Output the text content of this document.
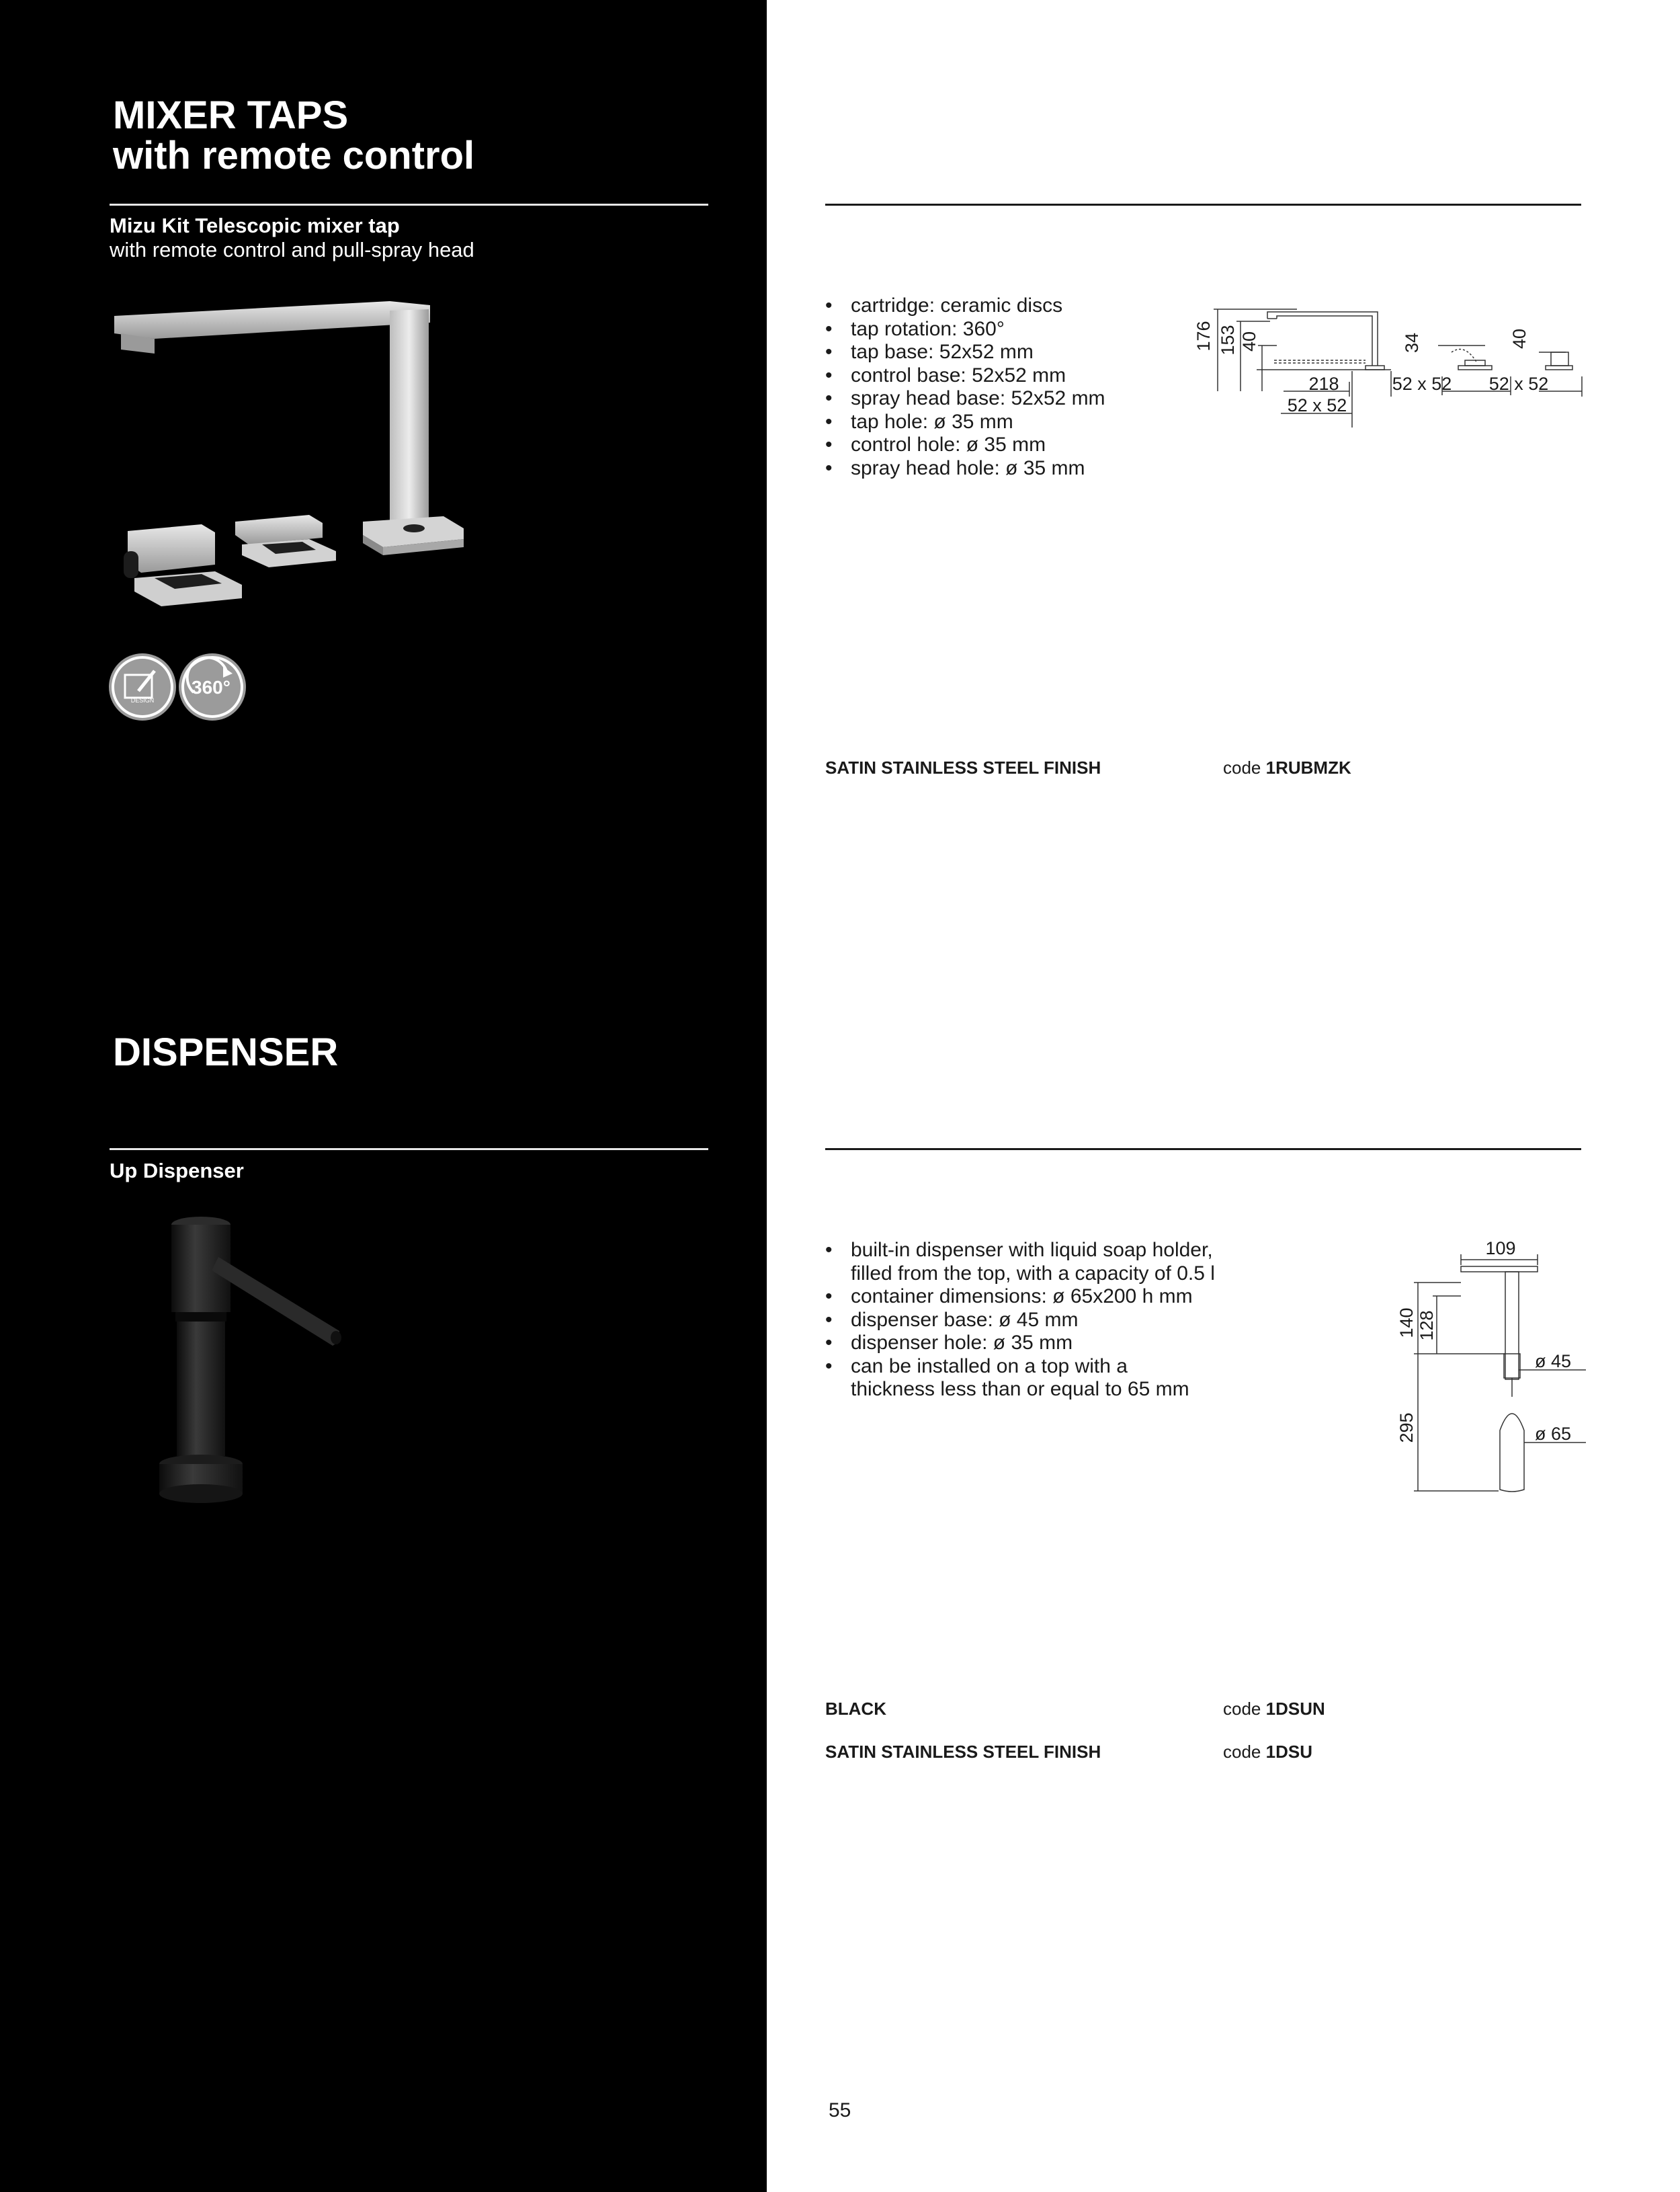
MIXER TAPS
with remote control
Mizu Kit Telescopic mixer tap
with remote control and pull-spray head
DESIGN
360°
DISPENSER
Up Dispenser
• cartridge: ceramic discs
• tap rotation: 360°
• tap base: 52x52 mm
• control base: 52x52 mm
• spray head base: 52x52 mm
• tap hole: ø 35 mm
• control hole: ø 35 mm
• spray head hole: ø 35 mm
176 153 40
218
52 x 52
34
52 x 52
40
52 x 52
SATIN STAINLESS STEEL FINISH	code 1RUBMZK
• built-in dispenser with liquid soap holder,
filled from the top, with a capacity of 0.5 l
• container dimensions: ø 65x200 h mm
• dispenser base: ø 45 mm
• dispenser hole: ø 35 mm
• can be installed on a top with a
thickness less than or equal to 65 mm
109
140 128
295
ø 45
ø 65
BLACK	code 1DSUN
SATIN STAINLESS STEEL FINISH	code 1DSU
55
